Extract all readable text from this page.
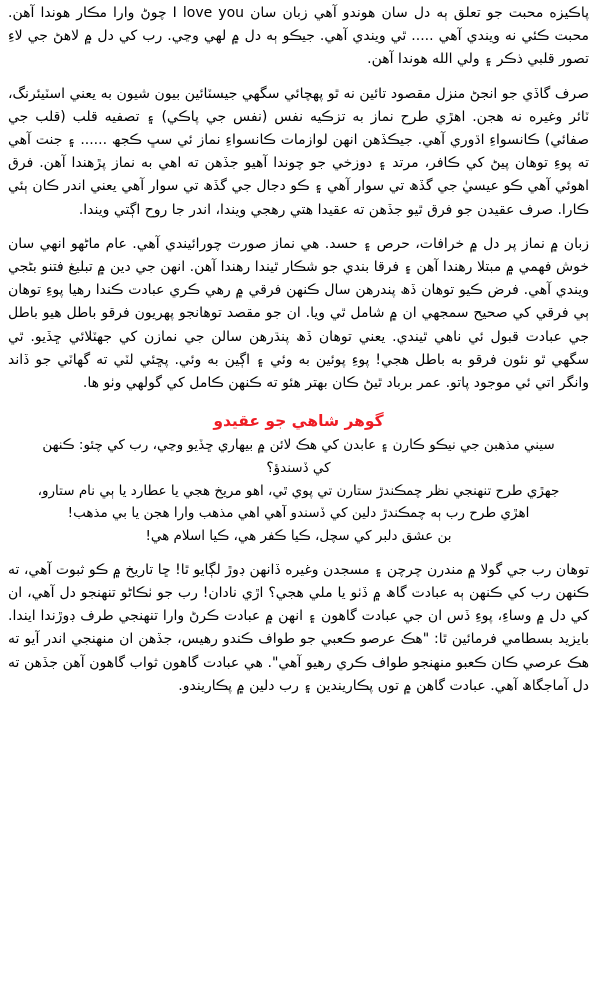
پاڪيزه محبت جو تعلق ٻه دل سان هوندو آهي زبان سان I love you چوڻ وارا مڪار هوندا آهن. محبت ڪئي نه ويندي آهي ..... ٿي ويندي آهي. جيڪو ٻه دل ۾ لهي وڃي. رب کي دل ۾ لاهڻ جي لاءِ تصور قلبي ذڪر ۽ ولي الله هوندا آهن.

صرف گاڏي جو انجڻ منزل مقصود تائين نه ٿو پهچائي سگهي جيسٽائين بيون شيون به يعني اسٽيئرنگ، ٽائر وغيره نه هجن. اهڙي طرح نماز به تزڪيه نفس (نفس جي پاڪي) ۽ تصفيه قلب (قلب جي صفائي) ڪانسواءِ اڌوري آهي. جيڪڏهن انهن لوازمات ڪانسواءِ نماز ئي سڀ ڪجھ ...... ۽ جنت آهي ته پوءِ توهان پيڻ کي ڪافر، مرتد ۽ دوزخي جو چوندا آهيو جڏهن ته اهي به نماز پڙهندا آهن. فرق اهوئي آهي ڪو عيسيٰ جي گڏھ تي سوار آهي ۽ ڪو دجال جي گڏھ تي سوار آهي يعني اندر ڪان ٻئي ڪارا. صرف عقيدن جو فرق ٿيو جڏهن ته عقيدا هتي رهجي ويندا، اندر جا روح اڳتي ويندا.

زبان ۾ نماز پر دل ۾ خرافات، حرص ۽ حسد. هي نماز صورت چورائيندي آهي. عام ماڻهو انهي سان خوش فهمي ۾ مبتلا رهندا آهن ۽ فرقا بندي جو شڪار ٿيندا رهندا آهن. انهن جي دين ۾ تبليغ فتنو بڻجي ويندي آهي. فرض ڪيو توهان ڏھ پندرهن سال ڪنهن فرقي ۾ رهي ڪري عبادت ڪندا رهيا پوءِ توهان ٻي فرقي کي صحيح سمجهي ان ۾ شامل ٿي ويا. ان جو مقصد توهانجو پهريون فرقو باطل هيو باطل جي عبادت قبول ئي ناهي ٿيندي. يعني توهان ڏھ پنڌرهن سالن جي نمازن کي جهٽلائي ڇڏيو. ٿي سگهي ٿو نئون فرقو به باطل هجي! پوءِ پوئين به وئي ۽ اڳين به وئي. پڇئي لٽي ته گهاٽي جو ڏاند وانگر اتي ئي موجود پاتو. عمر برباد ٿيڻ ڪان بهتر هئو ته ڪنهن ڪامل کي گولهي وٺو ها.

گوهر شاهي جو عقيدو
سيني مذهبن جي نيڪو ڪارن ۽ عابدن کي هڪ لائن ۾ بيهاري ڇڏيو وڃي، رب کي چئو: ڪنهن
کي ڏسندؤ؟
جهڙي طرح تنهنجي نظر چمڪندڙ ستارن تي پوي ٿي، اهو مريخ هجي يا عطارد يا ٻي نام ستارو،
اهڙي طرح رب ٻه چمڪندڙ دلين کي ڏسندو آهي اهي مذهب وارا هجن يا بي مذهب!
بن عشق دلبر کي سچل، ڪيا ڪفر هي، ڪيا اسلام هي!

توهان رب جي گولا ۾ مندرن چرچن ۽ مسجدن وغيره ڏانهن ڊوڙ لڳايو ٿا! ڇا تاريخ ۾ ڪو ثبوت آهي، ته ڪنهن رب کي ڪنهن ٻه عبادت گاھ ۾ ڏٺو يا ملي هجي؟ اڙي نادان! رب جو ٺڪاڻو تنهنجو دل آهي، ان کي دل ۾ وساءِ، پوءِ ڏس ان جي عبادت گاهون ۽ انهن ۾ عبادت ڪرڻ وارا تنهنجي طرف ڊوڙندا ايندا. بايزيد بسطامي فرمائين ٿا: "هڪ عرصو ڪعبي جو طواف ڪندو رهيس، جڏهن ان منهنجي اندر آيو ته هڪ عرصي ڪان ڪعبو منهنجو طواف ڪري رهيو آهي". هي عبادت گاهون ثواب گاهون آهن جڏهن ته دل آماجگاھ آهي. عبادت گاهن ۾ توں پڪاريندين ۽ رب دلين ۾ پڪاريندو.
